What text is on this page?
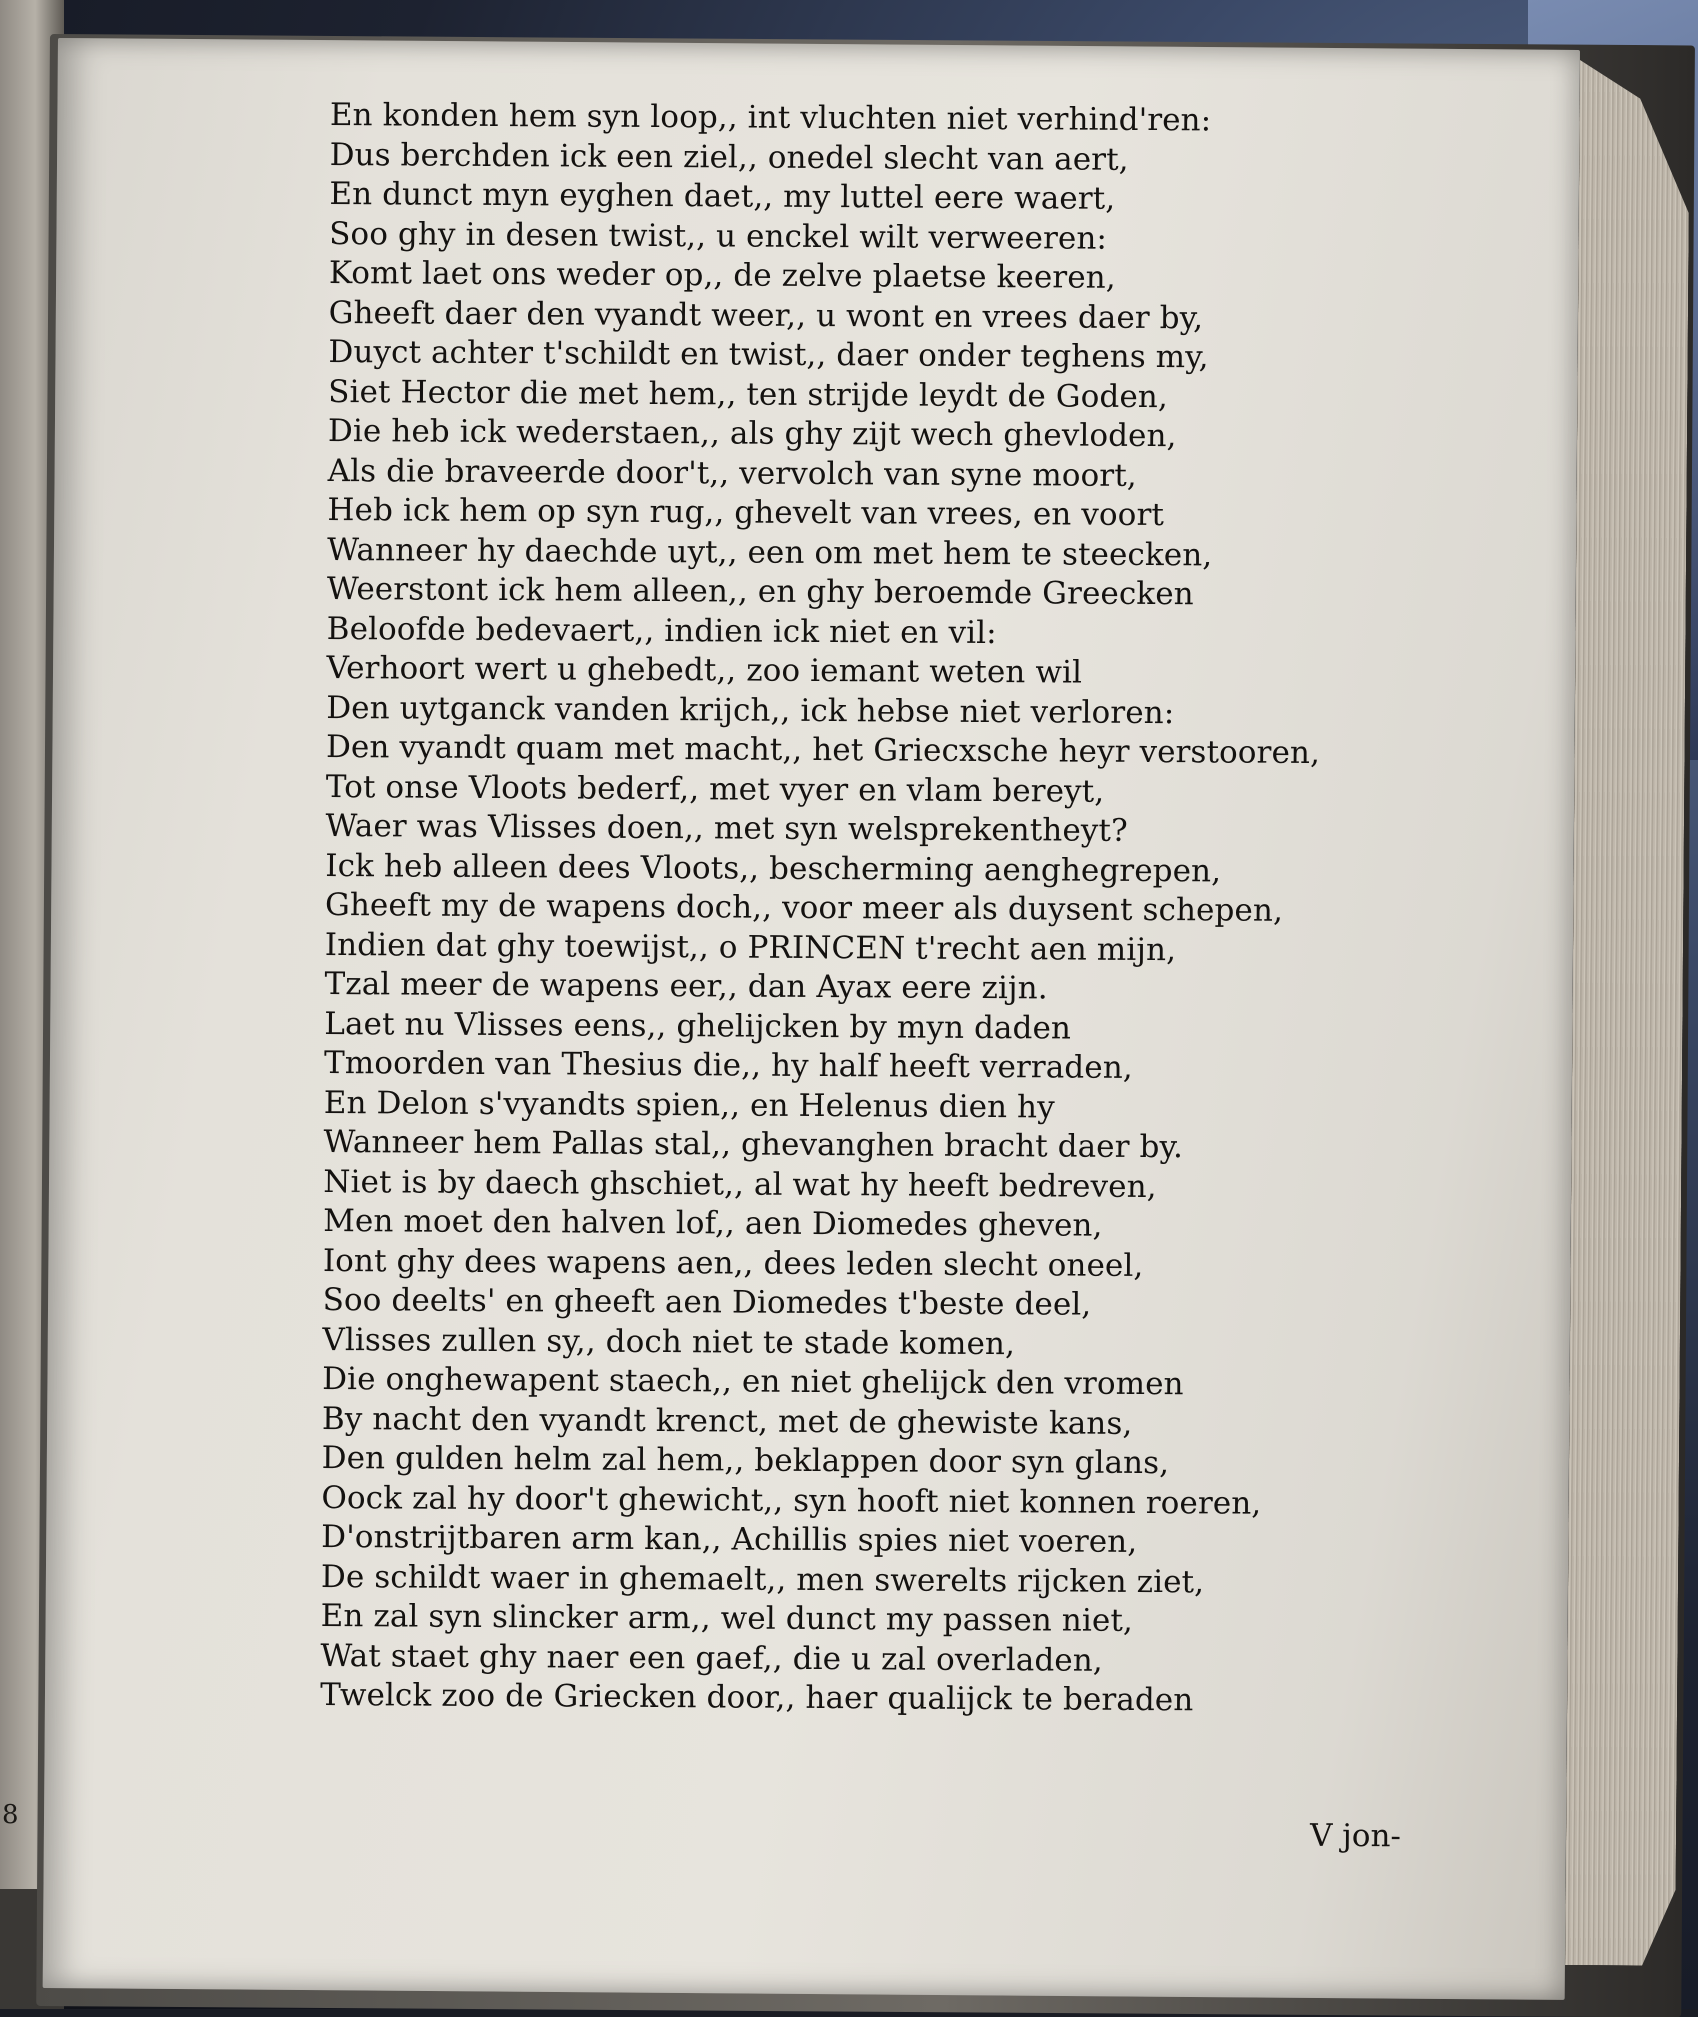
8
En konden hem syn loop,, int vluchten niet verhind'ren:
Dus berchden ick een ziel,, onedel slecht van aert,
En dunct myn eyghen daet,, my luttel eere waert,
Soo ghy in desen twist,, u enckel wilt verweeren:
Komt laet ons weder op,, de zelve plaetse keeren,
Gheeft daer den vyandt weer,, u wont en vrees daer by,
Duyct achter t'schildt en twist,, daer onder teghens my,
Siet Hector die met hem,, ten strijde leydt de Goden,
Die heb ick wederstaen,, als ghy zijt wech ghevloden,
Als die braveerde door't,, vervolch van syne moort,
Heb ick hem op syn rug,, ghevelt van vrees, en voort
Wanneer hy daechde uyt,, een om met hem te steecken,
Weerstont ick hem alleen,, en ghy beroemde Greecken
Beloofde bedevaert,, indien ick niet en vil:
Verhoort wert u ghebedt,, zoo iemant weten wil
Den uytganck vanden krijch,, ick hebse niet verloren:
Den vyandt quam met macht,, het Griecxsche heyr verstooren,
Tot onse Vloots bederf,, met vyer en vlam bereyt,
Waer was Vlisses doen,, met syn welsprekentheyt?
Ick heb alleen dees Vloots,, bescherming aenghegrepen,
Gheeft my de wapens doch,, voor meer als duysent schepen,
Indien dat ghy toewijst,, o PRINCEN t'recht aen mijn,
Tzal meer de wapens eer,, dan Ayax eere zijn.
Laet nu Vlisses eens,, ghelijcken by myn daden
Tmoorden van Thesius die,, hy half heeft verraden,
En Delon s'vyandts spien,, en Helenus dien hy
Wanneer hem Pallas stal,, ghevanghen bracht daer by.
Niet is by daech ghschiet,, al wat hy heeft bedreven,
Men moet den halven lof,, aen Diomedes gheven,
Iont ghy dees wapens aen,, dees leden slecht oneel,
Soo deelts' en gheeft aen Diomedes t'beste deel,
Vlisses zullen sy,, doch niet te stade komen,
Die onghewapent staech,, en niet ghelijck den vromen
By nacht den vyandt krenct, met de ghewiste kans,
Den gulden helm zal hem,, beklappen door syn glans,
Oock zal hy door't ghewicht,, syn hooft niet konnen roeren,
D'onstrijtbaren arm kan,, Achillis spies niet voeren,
De schildt waer in ghemaelt,, men swerelts rijcken ziet,
En zal syn slincker arm,, wel dunct my passen niet,
Wat staet ghy naer een gaef,, die u zal overladen,
Twelck zoo de Griecken door,, haer qualijck te beraden
V jon-
